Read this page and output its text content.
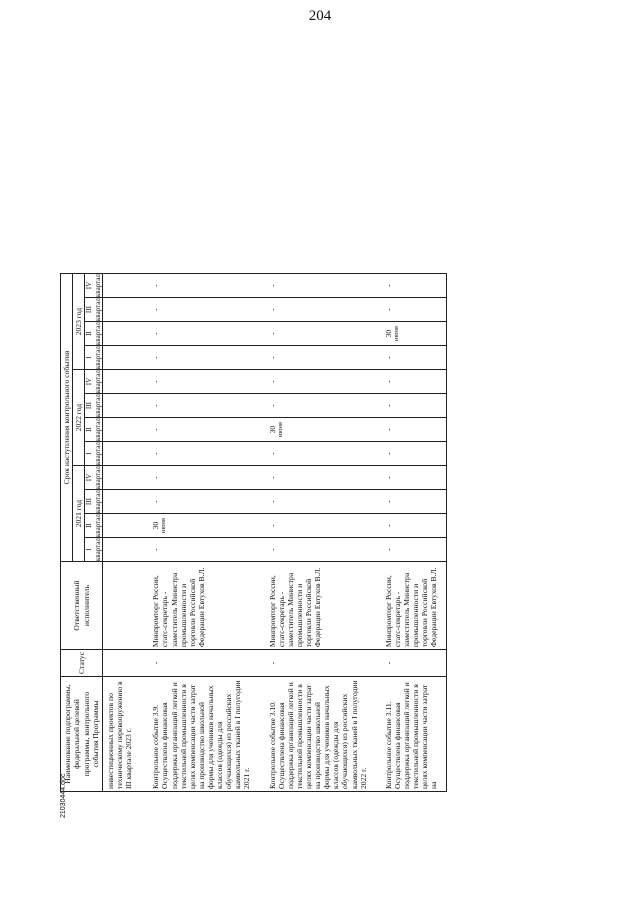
204
21030444.doc
Наименование подпрограммы, федеральной целевой программы, контрольного события Программы	Статус	Ответственный исполнитель	Срок наступления контрольного события											
			2021 год				2022 год				2023 год			

			I квартал	II квартал	III квартал	IV квартал	I квартал	II квартал	III квартал	IV квартал	I квартал	II квартал	III квартал	IV квартал

инвестиционных проектов по техническому перевооружению в III квартале 2023 г.														
Контрольное событие 3.9. Осуществлена финансовая поддержка организаций легкой и текстильной промышленности в целях компенсации части затрат на производство школьной формы для учеников начальных классов (одежды для обучающихся) из российских камвольных тканей в I полугодии 2021 г.	-	Минпромторг России, статс-секретарь - заместитель Министра промышленности и торговли Российской Федерации Евтухов В.Л.	-	30 июня	-	-	-	-	-	-	-	-	-	-
Контрольное событие 3.10. Осуществлена финансовая поддержка организаций легкой и текстильной промышленности в целях компенсации части затрат на производство школьной формы для учеников начальных классов (одежды для обучающихся) из российских камвольных тканей в I полугодии 2022 г.	-	Минпромторг России, статс-секретарь - заместитель Министра промышленности и торговли Российской Федерации Евтухов В.Л.	-	-	-	-	-	30 июня	-	-	-	-	-	-
Контрольное событие 3.11. Осуществлена финансовая поддержка организаций легкой и текстильной промышленности в целях компенсации части затрат на	-	Минпромторг России, статс-секретарь - заместитель Министра промышленности и торговли Российской Федерации Евтухов В.Л.	-	-	-	-	-	-	-	-	-	30 июня	-	-
